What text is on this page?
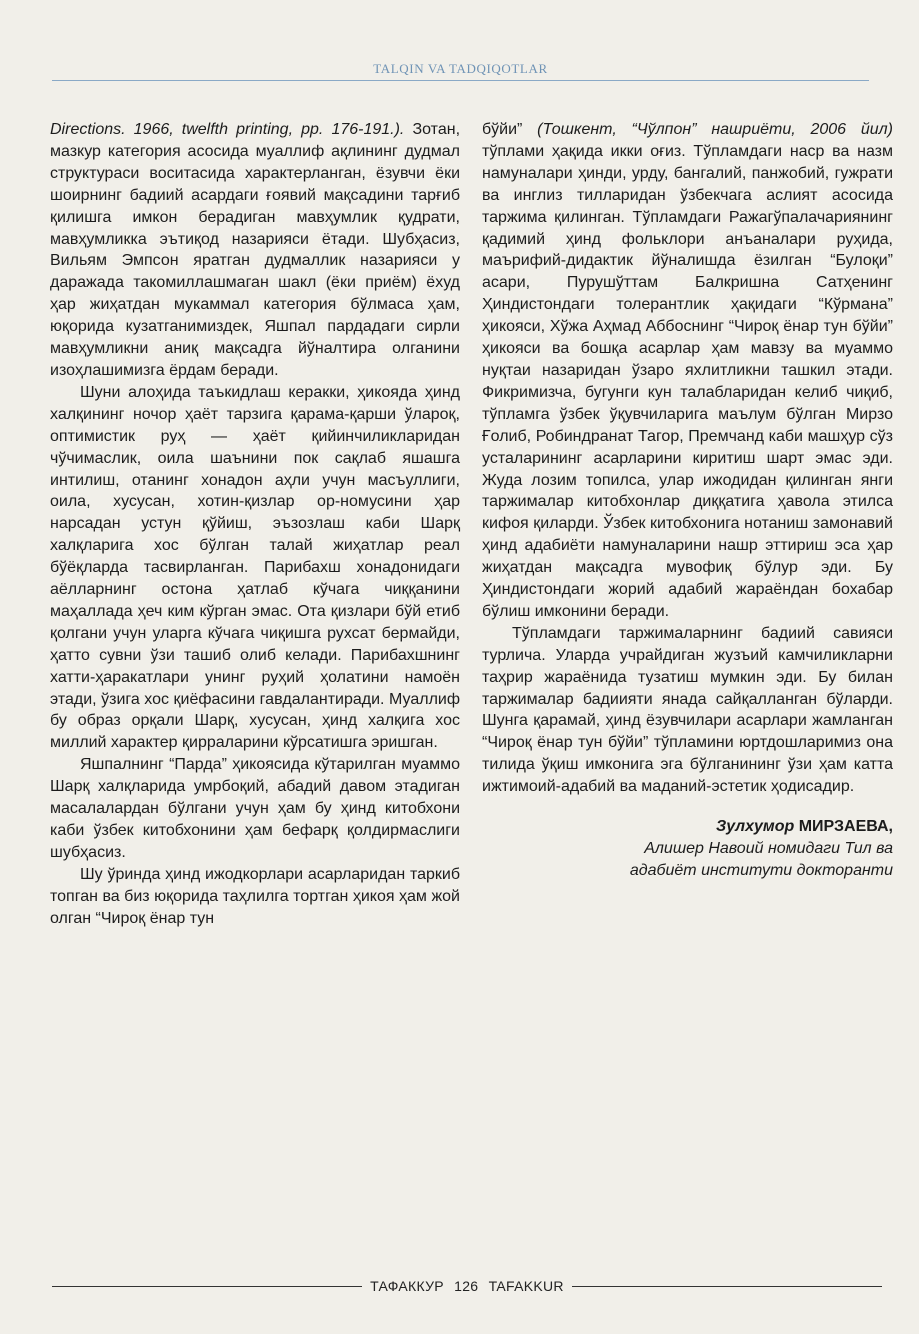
TALQIN VA TADQIQOTLAR

Directions. 1966, twelfth printing, pp. 176-191.). Зотан, мазкур категория асосида муаллиф ақлининг дудмал структураси воситасида характерланган, ёзувчи ёки шоирнинг бадиий асардаги ғоявий мақсадини тарғиб қилишга имкон берадиган мавҳумлик қудрати, мавҳумликка эътиқод назарияси ётади. Шубҳасиз, Вильям Эмпсон яратган дудмаллик назарияси у даражада такомиллашмаган шакл (ёки приём) ёхуд ҳар жиҳатдан мукаммал категория бўлмаса ҳам, юқорида кузатганимиздек, Яшпал пардадаги сирли мавҳумликни аниқ мақсадга йўналтира олганини изоҳлашимизга ёрдам беради.

Шуни алоҳида таъкидлаш керакки, ҳикояда ҳинд халқининг ночор ҳаёт тарзига қарама-қарши ўлароқ, оптимистик руҳ — ҳаёт қийинчиликларидан чўчимаслик, оила шаънини пок сақлаб яшашга интилиш, отанинг хонадон аҳли учун масъуллиги, оила, хусусан, хотин-қизлар ор-номусини ҳар нарсадан устун қўйиш, эъзозлаш каби Шарқ халқларига хос бўлган талай жиҳатлар реал бўёқларда тасвирланган. Парибахш хонадонидаги аёлларнинг остона ҳатлаб кўчага чиққанини маҳаллада ҳеч ким кўрган эмас. Ота қизлари бўй етиб қолгани учун уларга кўчага чиқишга рухсат бермайди, ҳатто сувни ўзи ташиб олиб келади. Парибахшнинг хатти-ҳаракатлари унинг руҳий ҳолатини намоён этади, ўзига хос қиёфасини гавдалантиради. Муаллиф бу образ орқали Шарқ, хусусан, ҳинд халқига хос миллий характер қирраларини кўрсатишга эришган.

Яшпалнинг “Парда” ҳикоясида кўтарилган муаммо Шарқ халқларида умрбоқий, абадий давом этадиган масалалардан бўлгани учун ҳам бу ҳинд китобхони каби ўзбек китобхонини ҳам бефарқ қолдирмаслиги шубҳасиз.

Шу ўринда ҳинд ижодкорлари асарларидан таркиб топган ва биз юқорида таҳлилга тортган ҳикоя ҳам жой олган “Чироқ ёнар тун

бўйи” (Тошкент, “Чўлпон” нашриёти, 2006 йил) тўплами ҳақида икки оғиз. Тўпламдаги наср ва назм намуналари ҳинди, урду, бангалий, панжобий, гужрати ва инглиз тилларидан ўзбекчага аслият асосида таржима қилинган. Тўпламдаги Ражагўпалачариянинг қадимий ҳинд фольклори анъаналари руҳида, маърифий-дидактик йўналишда ёзилган “Булоқи” асари, Пурушўттам Балкришна Сатҳенинг Ҳиндистондаги толерантлик ҳақидаги “Кўрмана” ҳикояси, Хўжа Аҳмад Аббоснинг “Чироқ ёнар тун бўйи” ҳикояси ва бошқа асарлар ҳам мавзу ва муаммо нуқтаи назаридан ўзаро яхлитликни ташкил этади. Фикримизча, бугунги кун талабларидан келиб чиқиб, тўпламга ўзбек ўқувчиларига маълум бўлган Мирзо Ғолиб, Робиндранат Тагор, Премчанд каби машҳур сўз усталарининг асарларини киритиш шарт эмас эди. Жуда лозим топилса, улар ижодидан қилинган янги таржималар китобхонлар диққатига ҳавола этилса кифоя қиларди. Ўзбек китобхонига нотаниш замонавий ҳинд адабиёти намуналарини нашр эттириш эса ҳар жиҳатдан мақсадга мувофиқ бўлур эди. Бу Ҳиндистондаги жорий адабий жараёндан бохабар бўлиш имконини беради.

Тўпламдаги таржималарнинг бадиий савияси турлича. Уларда учрайдиган жузъий камчиликларни таҳрир жараёнида тузатиш мумкин эди. Бу билан таржималар бадиияти янада сайқалланган бўларди. Шунга қарамай, ҳинд ёзувчилари асарлари жамланган “Чироқ ёнар тун бўйи” тўпламини юртдошларимиз она тилида ўқиш имконига эга бўлганининг ўзи ҳам катта ижтимоий-адабий ва маданий-эстетик ҳодисадир.

Зулхумор МИРЗАЕВА,
Алишер Навоий номидаги Тил ва
адабиёт институти докторанти
ТАФАККУР 126 TAFAKKUR
